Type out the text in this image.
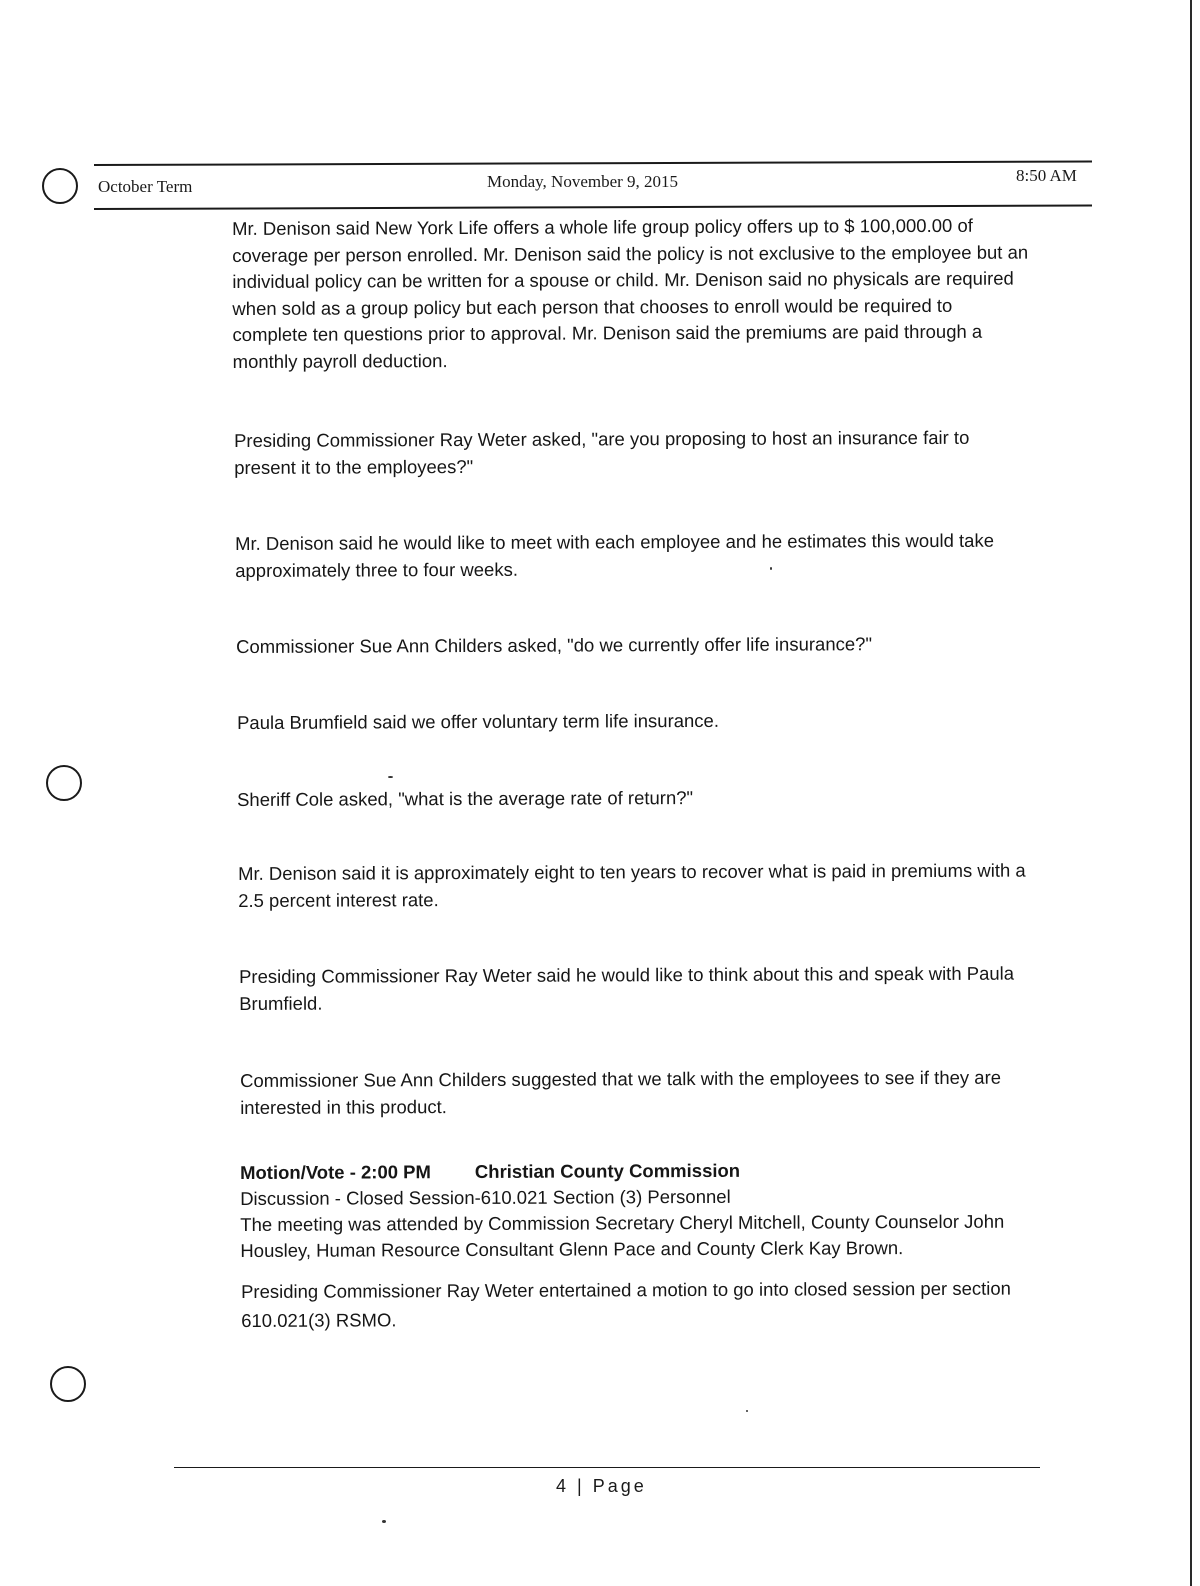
October Term	Monday, November 9, 2015	8:50 AM
Mr. Denison said New York Life offers a whole life group policy offers up to $ 100,000.00 of coverage per person enrolled. Mr. Denison said the policy is not exclusive to the employee but an individual policy can be written for a spouse or child. Mr. Denison said no physicals are required when sold as a group policy but each person that chooses to enroll would be required to complete ten questions prior to approval. Mr. Denison said the premiums are paid through a monthly payroll deduction.
Presiding Commissioner Ray Weter asked, "are you proposing to host an insurance fair to present it to the employees?"
Mr. Denison said he would like to meet with each employee and he estimates this would take approximately three to four weeks.
Commissioner Sue Ann Childers asked, "do we currently offer life insurance?"
Paula Brumfield said we offer voluntary term life insurance.
Sheriff Cole asked, "what is the average rate of return?"
Mr. Denison said it is approximately eight to ten years to recover what is paid in premiums with a 2.5 percent interest rate.
Presiding Commissioner Ray Weter said he would like to think about this and speak with Paula Brumfield.
Commissioner Sue Ann Childers suggested that we talk with the employees to see if they are interested in this product.
Motion/Vote - 2:00 PM Christian County Commission
Discussion - Closed Session-610.021 Section (3) Personnel
The meeting was attended by Commission Secretary Cheryl Mitchell, County Counselor John Housley, Human Resource Consultant Glenn Pace and County Clerk Kay Brown.
Presiding Commissioner Ray Weter entertained a motion to go into closed session per section 610.021(3) RSMO.
4 | Page
